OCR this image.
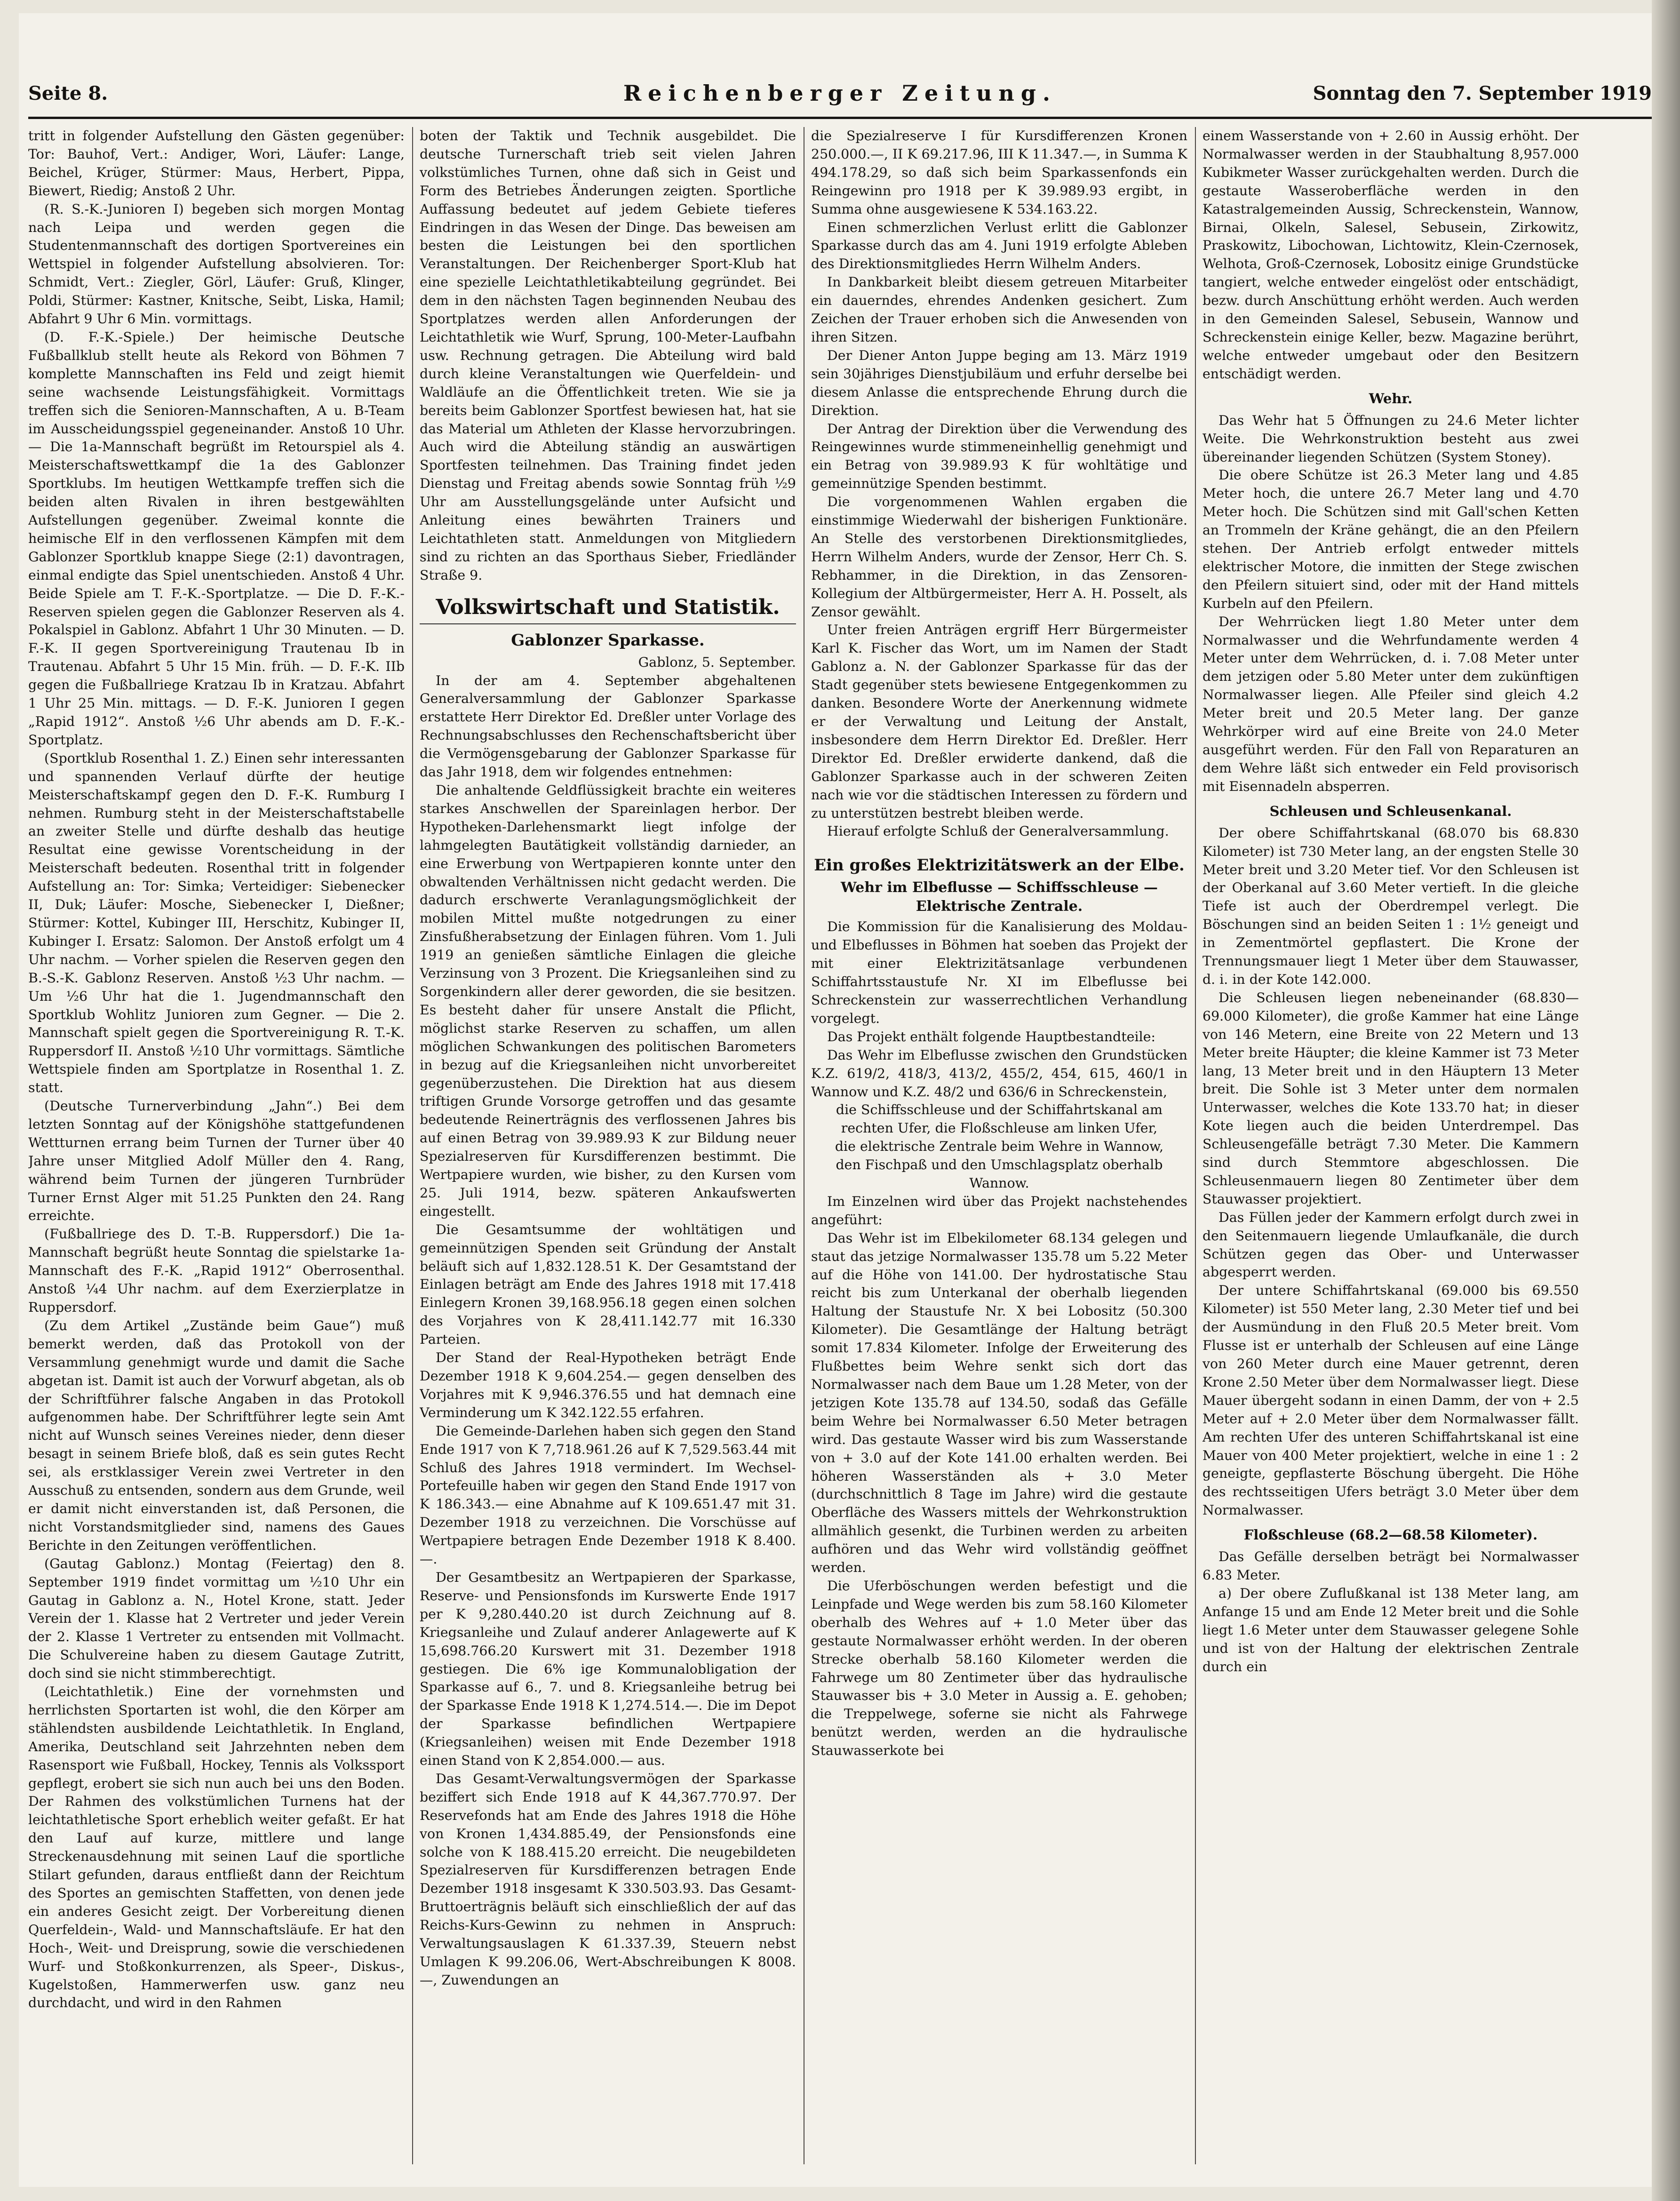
Seite 8.	Reichenberger Zeitung.	Sonntag den 7. September 1919

tritt in folgender Aufstellung den Gästen gegenüber: Tor: Bauhof, Vert.: Andiger, Wori, Läufer: Lange, Beichel, Krüger, Stürmer: Maus, Herbert, Pippa, Biewert, Riedig; Anstoß 2 Uhr.

(R. S.-K.-Junioren I) begeben sich morgen Montag nach Leipa und werden gegen die Studentenmannschaft des dortigen Sportvereines ein Wettspiel in folgender Aufstellung absolvieren. Tor: Schmidt, Vert.: Ziegler, Görl, Läufer: Gruß, Klinger, Poldi, Stürmer: Kastner, Knitsche, Seibt, Liska, Hamil; Abfahrt 9 Uhr 6 Min. vormittags.

(D. F.-K.-Spiele.) Der heimische Deutsche Fußballklub stellt heute als Rekord von Böhmen 7 komplette Mannschaften ins Feld und zeigt hiemit seine wachsende Leistungsfähigkeit. Vormittags treffen sich die Senioren-Mannschaften, A u. B-Team im Ausscheidungsspiel gegeneinander. Anstoß 10 Uhr. — Die 1a-Mannschaft begrüßt im Retourspiel als 4. Meisterschaftswettkampf die 1a des Gablonzer Sportklubs. Im heutigen Wettkampfe treffen sich die beiden alten Rivalen in ihren bestgewählten Aufstellungen gegenüber. Zweimal konnte die heimische Elf in den verflossenen Kämpfen mit dem Gablonzer Sportklub knappe Siege (2:1) davontragen, einmal endigte das Spiel unentschieden. Anstoß 4 Uhr. Beide Spiele am T. F.-K.-Sportplatze. — Die D. F.-K.-Reserven spielen gegen die Gablonzer Reserven als 4. Pokalspiel in Gablonz. Abfahrt 1 Uhr 30 Minuten. — D. F.-K. II gegen Sportvereinigung Trautenau Ib in Trautenau. Abfahrt 5 Uhr 15 Min. früh. — D. F.-K. IIb gegen die Fußballriege Kratzau Ib in Kratzau. Abfahrt 1 Uhr 25 Min. mittags. — D. F.-K. Junioren I gegen „Rapid 1912“. Anstoß ½6 Uhr abends am D. F.-K.-Sportplatz.

(Sportklub Rosenthal 1. Z.) Einen sehr interessanten und spannenden Verlauf dürfte der heutige Meisterschaftskampf gegen den D. F.-K. Rumburg I nehmen. Rumburg steht in der Meisterschaftstabelle an zweiter Stelle und dürfte deshalb das heutige Resultat eine gewisse Vorentscheidung in der Meisterschaft bedeuten. Rosenthal tritt in folgender Aufstellung an: Tor: Simka; Verteidiger: Siebenecker II, Duk; Läufer: Mosche, Siebenecker I, Dießner; Stürmer: Kottel, Kubinger III, Herschitz, Kubinger II, Kubinger I. Ersatz: Salomon. Der Anstoß erfolgt um 4 Uhr nachm. — Vorher spielen die Reserven gegen den B.-S.-K. Gablonz Reserven. Anstoß ½3 Uhr nachm. — Um ½6 Uhr hat die 1. Jugendmannschaft den Sportklub Wohlitz Junioren zum Gegner. — Die 2. Mannschaft spielt gegen die Sportvereinigung R. T.-K. Ruppersdorf II. Anstoß ½10 Uhr vormittags. Sämtliche Wettspiele finden am Sportplatze in Rosenthal 1. Z. statt.

(Deutsche Turnerverbindung „Jahn“.) Bei dem letzten Sonntag auf der Königshöhe stattgefundenen Wettturnen errang beim Turnen der Turner über 40 Jahre unser Mitglied Adolf Müller den 4. Rang, während beim Turnen der jüngeren Turnbrüder Turner Ernst Alger mit 51.25 Punkten den 24. Rang erreichte.

(Fußballriege des D. T.-B. Ruppersdorf.) Die 1a-Mannschaft begrüßt heute Sonntag die spielstarke 1a-Mannschaft des F.-K. „Rapid 1912“ Oberrosenthal. Anstoß ¼4 Uhr nachm. auf dem Exerzierplatze in Ruppersdorf.

(Zu dem Artikel „Zustände beim Gaue“) muß bemerkt werden, daß das Protokoll von der Versammlung genehmigt wurde und damit die Sache abgetan ist. Damit ist auch der Vorwurf abgetan, als ob der Schriftführer falsche Angaben in das Protokoll aufgenommen habe. Der Schriftführer legte sein Amt nicht auf Wunsch seines Vereines nieder, denn dieser besagt in seinem Briefe bloß, daß es sein gutes Recht sei, als erstklassiger Verein zwei Vertreter in den Ausschuß zu entsenden, sondern aus dem Grunde, weil er damit nicht einverstanden ist, daß Personen, die nicht Vorstandsmitglieder sind, namens des Gaues Berichte in den Zeitungen veröffentlichen.

(Gautag Gablonz.) Montag (Feiertag) den 8. September 1919 findet vormittag um ½10 Uhr ein Gautag in Gablonz a. N., Hotel Krone, statt. Jeder Verein der 1. Klasse hat 2 Vertreter und jeder Verein der 2. Klasse 1 Vertreter zu entsenden mit Vollmacht. Die Schulvereine haben zu diesem Gautage Zutritt, doch sind sie nicht stimmberechtigt.

(Leichtathletik.) Eine der vornehmsten und herrlichsten Sportarten ist wohl, die den Körper am stählendsten ausbildende Leichtathletik. In England, Amerika, Deutschland seit Jahrzehnten neben dem Rasensport wie Fußball, Hockey, Tennis als Volkssport gepflegt, erobert sie sich nun auch bei uns den Boden. Der Rahmen des volkstümlichen Turnens hat der leichtathletische Sport erheblich weiter gefaßt. Er hat den Lauf auf kurze, mittlere und lange Streckenausdehnung mit seinen Lauf die sportliche Stilart gefunden, daraus entfließt dann der Reichtum des Sportes an gemischten Staffetten, von denen jede ein anderes Gesicht zeigt. Der Vorbereitung dienen Querfeldein-, Wald- und Mannschaftsläufe. Er hat den Hoch-, Weit- und Dreisprung, sowie die verschiedenen Wurf- und Stoßkonkurrenzen, als Speer-, Diskus-, Kugelstoßen, Hammerwerfen usw. ganz neu durchdacht, und wird in den Rahmen

boten der Taktik und Technik ausgebildet. Die deutsche Turnerschaft trieb seit vielen Jahren volkstümliches Turnen, ohne daß sich in Geist und Form des Betriebes Änderungen zeigten. Sportliche Auffassung bedeutet auf jedem Gebiete tieferes Eindringen in das Wesen der Dinge. Das beweisen am besten die Leistungen bei den sportlichen Veranstaltungen. Der Reichenberger Sport-Klub hat eine spezielle Leichtathletikabteilung gegründet. Bei dem in den nächsten Tagen beginnenden Neubau des Sportplatzes werden allen Anforderungen der Leichtathletik wie Wurf, Sprung, 100-Meter-Laufbahn usw. Rechnung getragen. Die Abteilung wird bald durch kleine Veranstaltungen wie Querfeldein- und Waldläufe an die Öffentlichkeit treten. Wie sie ja bereits beim Gablonzer Sportfest bewiesen hat, hat sie das Material um Athleten der Klasse hervorzubringen. Auch wird die Abteilung ständig an auswärtigen Sportfesten teilnehmen. Das Training findet jeden Dienstag und Freitag abends sowie Sonntag früh ½9 Uhr am Ausstellungsgelände unter Aufsicht und Anleitung eines bewährten Trainers und Leichtathleten statt. Anmeldungen von Mitgliedern sind zu richten an das Sporthaus Sieber, Friedländer Straße 9.

Volkswirtschaft und Statistik.
Gablonzer Sparkasse.

Gablonz, 5. September.

In der am 4. September abgehaltenen Generalversammlung der Gablonzer Sparkasse erstattete Herr Direktor Ed. Dreßler unter Vorlage des Rechnungsabschlusses den Rechenschaftsbericht über die Vermögensgebarung der Gablonzer Sparkasse für das Jahr 1918, dem wir folgendes entnehmen:

Die anhaltende Geldflüssigkeit brachte ein weiteres starkes Anschwellen der Spareinlagen herbor. Der Hypotheken-Darlehensmarkt liegt infolge der lahmgelegten Bautätigkeit vollständig darnieder, an eine Erwerbung von Wertpapieren konnte unter den obwaltenden Verhältnissen nicht gedacht werden. Die dadurch erschwerte Veranlagungsmöglichkeit der mobilen Mittel mußte notgedrungen zu einer Zinsfußherabsetzung der Einlagen führen. Vom 1. Juli 1919 an genießen sämtliche Einlagen die gleiche Verzinsung von 3 Prozent. Die Kriegsanleihen sind zu Sorgenkindern aller derer geworden, die sie besitzen. Es besteht daher für unsere Anstalt die Pflicht, möglichst starke Reserven zu schaffen, um allen möglichen Schwankungen des politischen Barometers in bezug auf die Kriegsanleihen nicht unvorbereitet gegenüberzustehen. Die Direktion hat aus diesem triftigen Grunde Vorsorge getroffen und das gesamte bedeutende Reinerträgnis des verflossenen Jahres bis auf einen Betrag von 39.989.93 K zur Bildung neuer Spezialreserven für Kursdifferenzen bestimmt. Die Wertpapiere wurden, wie bisher, zu den Kursen vom 25. Juli 1914, bezw. späteren Ankaufswerten eingestellt.

Die Gesamtsumme der wohltätigen und gemeinnützigen Spenden seit Gründung der Anstalt beläuft sich auf 1,832.128.51 K. Der Gesamtstand der Einlagen beträgt am Ende des Jahres 1918 mit 17.418 Einlegern Kronen 39,168.956.18 gegen einen solchen des Vorjahres von K 28,411.142.77 mit 16.330 Parteien.

Der Stand der Real-Hypotheken beträgt Ende Dezember 1918 K 9,604.254.— gegen denselben des Vorjahres mit K 9,946.376.55 und hat demnach eine Verminderung um K 342.122.55 erfahren.

Die Gemeinde-Darlehen haben sich gegen den Stand Ende 1917 von K 7,718.961.26 auf K 7,529.563.44 mit Schluß des Jahres 1918 vermindert. Im Wechsel-Portefeuille haben wir gegen den Stand Ende 1917 von K 186.343.— eine Abnahme auf K 109.651.47 mit 31. Dezember 1918 zu verzeichnen. Die Vorschüsse auf Wertpapiere betragen Ende Dezember 1918 K 8.400.—.

Der Gesamtbesitz an Wertpapieren der Sparkasse, Reserve- und Pensionsfonds im Kurswerte Ende 1917 per K 9,280.440.20 ist durch Zeichnung auf 8. Kriegsanleihe und Zulauf anderer Anlagewerte auf K 15,698.766.20 Kurswert mit 31. Dezember 1918 gestiegen. Die 6% ige Kommunalobligation der Sparkasse auf 6., 7. und 8. Kriegsanleihe betrug bei der Sparkasse Ende 1918 K 1,274.514.—. Die im Depot der Sparkasse befindlichen Wertpapiere (Kriegsanleihen) weisen mit Ende Dezember 1918 einen Stand von K 2,854.000.— aus.

Das Gesamt-Verwaltungsvermögen der Sparkasse beziffert sich Ende 1918 auf K 44,367.770.97. Der Reservefonds hat am Ende des Jahres 1918 die Höhe von Kronen 1,434.885.49, der Pensionsfonds eine solche von K 188.415.20 erreicht. Die neugebildeten Spezialreserven für Kursdifferenzen betragen Ende Dezember 1918 insgesamt K 330.503.93. Das Gesamt-Bruttoerträgnis beläuft sich einschließlich der auf das Reichs-Kurs-Gewinn zu nehmen in Anspruch: Verwaltungsauslagen K 61.337.39, Steuern nebst Umlagen K 99.206.06, Wert-Abschreibungen K 8008.—, Zuwendungen an

die Spezialreserve I für Kursdifferenzen Kronen 250.000.—, II K 69.217.96, III K 11.347.—, in Summa K 494.178.29, so daß sich beim Sparkassenfonds ein Reingewinn pro 1918 per K 39.989.93 ergibt, in Summa ohne ausgewiesene K 534.163.22.

Einen schmerzlichen Verlust erlitt die Gablonzer Sparkasse durch das am 4. Juni 1919 erfolgte Ableben des Direktionsmitgliedes Herrn Wilhelm Anders.

In Dankbarkeit bleibt diesem getreuen Mitarbeiter ein dauerndes, ehrendes Andenken gesichert. Zum Zeichen der Trauer erhoben sich die Anwesenden von ihren Sitzen.

Der Diener Anton Juppe beging am 13. März 1919 sein 30jähriges Dienstjubiläum und erfuhr derselbe bei diesem Anlasse die entsprechende Ehrung durch die Direktion.

Der Antrag der Direktion über die Verwendung des Reingewinnes wurde stimmeneinhellig genehmigt und ein Betrag von 39.989.93 K für wohltätige und gemeinnützige Spenden bestimmt.

Die vorgenommenen Wahlen ergaben die einstimmige Wiederwahl der bisherigen Funktionäre. An Stelle des verstorbenen Direktionsmitgliedes, Herrn Wilhelm Anders, wurde der Zensor, Herr Ch. S. Rebhammer, in die Direktion, in das Zensoren-Kollegium der Altbürgermeister, Herr A. H. Posselt, als Zensor gewählt.

Unter freien Anträgen ergriff Herr Bürgermeister Karl K. Fischer das Wort, um im Namen der Stadt Gablonz a. N. der Gablonzer Sparkasse für das der Stadt gegenüber stets bewiesene Entgegenkommen zu danken. Besondere Worte der Anerkennung widmete er der Verwaltung und Leitung der Anstalt, insbesondere dem Herrn Direktor Ed. Dreßler. Herr Direktor Ed. Dreßler erwiderte dankend, daß die Gablonzer Sparkasse auch in der schweren Zeiten nach wie vor die städtischen Interessen zu fördern und zu unterstützen bestrebt bleiben werde.

Hierauf erfolgte Schluß der Generalversammlung.

Ein großes Elektrizitätswerk an der Elbe.
Wehr im Elbeflusse — Schiffsschleuse — Elektrische Zentrale.

Die Kommission für die Kanalisierung des Moldau- und Elbeflusses in Böhmen hat soeben das Projekt der mit einer Elektrizitätsanlage verbundenen Schiffahrtsstaustufe Nr. XI im Elbeflusse bei Schreckenstein zur wasserrechtlichen Verhandlung vorgelegt.

Das Projekt enthält folgende Hauptbestandteile:

Das Wehr im Elbeflusse zwischen den Grundstücken K.Z. 619/2, 418/3, 413/2, 455/2, 454, 615, 460/1 in Wannow und K.Z. 48/2 und 636/6 in Schreckenstein,

die Schiffsschleuse und der Schiffahrtskanal am rechten Ufer, die Floßschleuse am linken Ufer,

die elektrische Zentrale beim Wehre in Wannow,

den Fischpaß und den Umschlagsplatz oberhalb Wannow.

Im Einzelnen wird über das Projekt nachstehendes angeführt:

Das Wehr ist im Elbekilometer 68.134 gelegen und staut das jetzige Normalwasser 135.78 um 5.22 Meter auf die Höhe von 141.00. Der hydrostatische Stau reicht bis zum Unterkanal der oberhalb liegenden Haltung der Staustufe Nr. X bei Lobositz (50.300 Kilometer). Die Gesamtlänge der Haltung beträgt somit 17.834 Kilometer. Infolge der Erweiterung des Flußbettes beim Wehre senkt sich dort das Normalwasser nach dem Baue um 1.28 Meter, von der jetzigen Kote 135.78 auf 134.50, sodaß das Gefälle beim Wehre bei Normalwasser 6.50 Meter betragen wird. Das gestaute Wasser wird bis zum Wasserstande von + 3.0 auf der Kote 141.00 erhalten werden. Bei höheren Wasserständen als + 3.0 Meter (durchschnittlich 8 Tage im Jahre) wird die gestaute Oberfläche des Wassers mittels der Wehrkonstruktion allmählich gesenkt, die Turbinen werden zu arbeiten aufhören und das Wehr wird vollständig geöffnet werden.

Die Uferböschungen werden befestigt und die Leinpfade und Wege werden bis zum 58.160 Kilometer oberhalb des Wehres auf + 1.0 Meter über das gestaute Normalwasser erhöht werden. In der oberen Strecke oberhalb 58.160 Kilometer werden die Fahrwege um 80 Zentimeter über das hydraulische Stauwasser bis + 3.0 Meter in Aussig a. E. gehoben; die Treppelwege, soferne sie nicht als Fahrwege benützt werden, werden an die hydraulische Stauwasserkote bei

einem Wasserstande von + 2.60 in Aussig erhöht. Der Normalwasser werden in der Staubhaltung 8,957.000 Kubikmeter Wasser zurückgehalten werden. Durch die gestaute Wasseroberfläche werden in den Katastralgemeinden Aussig, Schreckenstein, Wannow, Birnai, Olkeln, Salesel, Sebusein, Zirkowitz, Praskowitz, Libochowan, Lichtowitz, Klein-Czernosek, Welhota, Groß-Czernosek, Lobositz einige Grundstücke tangiert, welche entweder eingelöst oder entschädigt, bezw. durch Anschüttung erhöht werden. Auch werden in den Gemeinden Salesel, Sebusein, Wannow und Schreckenstein einige Keller, bezw. Magazine berührt, welche entweder umgebaut oder den Besitzern entschädigt werden.

Wehr.

Das Wehr hat 5 Öffnungen zu 24.6 Meter lichter Weite. Die Wehrkonstruktion besteht aus zwei übereinander liegenden Schützen (System Stoney).

Die obere Schütze ist 26.3 Meter lang und 4.85 Meter hoch, die untere 26.7 Meter lang und 4.70 Meter hoch. Die Schützen sind mit Gall'schen Ketten an Trommeln der Kräne gehängt, die an den Pfeilern stehen. Der Antrieb erfolgt entweder mittels elektrischer Motore, die inmitten der Stege zwischen den Pfeilern situiert sind, oder mit der Hand mittels Kurbeln auf den Pfeilern.

Der Wehrrücken liegt 1.80 Meter unter dem Normalwasser und die Wehrfundamente werden 4 Meter unter dem Wehrrücken, d. i. 7.08 Meter unter dem jetzigen oder 5.80 Meter unter dem zukünftigen Normalwasser liegen. Alle Pfeiler sind gleich 4.2 Meter breit und 20.5 Meter lang. Der ganze Wehrkörper wird auf eine Breite von 24.0 Meter ausgeführt werden. Für den Fall von Reparaturen an dem Wehre läßt sich entweder ein Feld provisorisch mit Eisennadeln absperren.

Schleusen und Schleusenkanal.

Der obere Schiffahrtskanal (68.070 bis 68.830 Kilometer) ist 730 Meter lang, an der engsten Stelle 30 Meter breit und 3.20 Meter tief. Vor den Schleusen ist der Oberkanal auf 3.60 Meter vertieft. In die gleiche Tiefe ist auch der Oberdrempel verlegt. Die Böschungen sind an beiden Seiten 1 : 1½ geneigt und in Zementmörtel gepflastert. Die Krone der Trennungsmauer liegt 1 Meter über dem Stauwasser, d. i. in der Kote 142.000.

Die Schleusen liegen nebeneinander (68.830—69.000 Kilometer), die große Kammer hat eine Länge von 146 Metern, eine Breite von 22 Metern und 13 Meter breite Häupter; die kleine Kammer ist 73 Meter lang, 13 Meter breit und in den Häuptern 13 Meter breit. Die Sohle ist 3 Meter unter dem normalen Unterwasser, welches die Kote 133.70 hat; in dieser Kote liegen auch die beiden Unterdrempel. Das Schleusengefälle beträgt 7.30 Meter. Die Kammern sind durch Stemmtore abgeschlossen. Die Schleusenmauern liegen 80 Zentimeter über dem Stauwasser projektiert.

Das Füllen jeder der Kammern erfolgt durch zwei in den Seitenmauern liegende Umlaufkanäle, die durch Schützen gegen das Ober- und Unterwasser abgesperrt werden.

Der untere Schiffahrtskanal (69.000 bis 69.550 Kilometer) ist 550 Meter lang, 2.30 Meter tief und bei der Ausmündung in den Fluß 20.5 Meter breit. Vom Flusse ist er unterhalb der Schleusen auf eine Länge von 260 Meter durch eine Mauer getrennt, deren Krone 2.50 Meter über dem Normalwasser liegt. Diese Mauer übergeht sodann in einen Damm, der von + 2.5 Meter auf + 2.0 Meter über dem Normalwasser fällt. Am rechten Ufer des unteren Schiffahrtskanal ist eine Mauer von 400 Meter projektiert, welche in eine 1 : 2 geneigte, gepflasterte Böschung übergeht. Die Höhe des rechtsseitigen Ufers beträgt 3.0 Meter über dem Normalwasser.

Floßschleuse (68.2—68.58 Kilometer).

Das Gefälle derselben beträgt bei Normalwasser 6.83 Meter.

a) Der obere Zuflußkanal ist 138 Meter lang, am Anfange 15 und am Ende 12 Meter breit und die Sohle liegt 1.6 Meter unter dem Stauwasser gelegene Sohle und ist von der Haltung der elektrischen Zentrale durch ein
